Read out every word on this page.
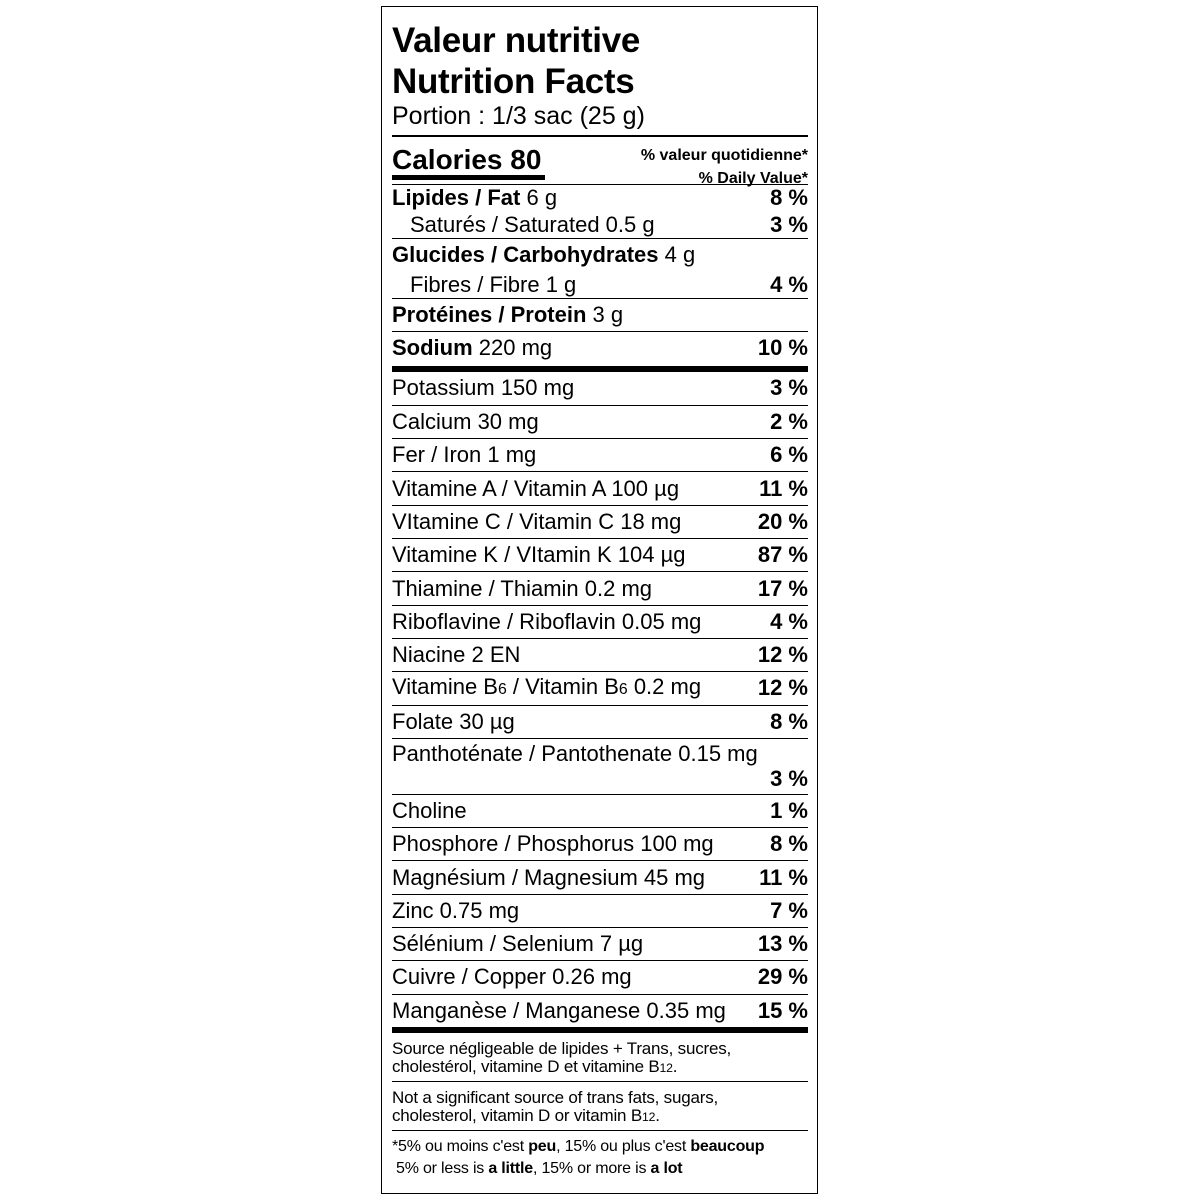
Valeur nutritive
Nutrition Facts
Portion : 1/3 sac (25 g)
Calories 80	% valeur quotidienne*
% Daily Value*
Lipides / Fat 6 g	8 %
Saturés / Saturated 0.5 g	3 %
Glucides / Carbohydrates 4 g
Fibres / Fibre 1 g	4 %
Protéines / Protein 3 g
Sodium 220 mg	10 %
Potassium 150 mg	3 %
Calcium 30 mg	2 %
Fer / Iron 1 mg	6 %
Vitamine A / Vitamin A 100 µg	11 %
VItamine C / Vitamin C 18 mg	20 %
Vitamine K / VItamin K 104 µg	87 %
Thiamine / Thiamin 0.2 mg	17 %
Riboflavine / Riboflavin 0.05 mg	4 %
Niacine 2 EN	12 %
Vitamine B6 / Vitamin B6 0.2 mg	12 %
Folate 30 µg	8 %
Panthoténate / Pantothenate 0.15 mg
3 %
Choline	1 %
Phosphore / Phosphorus 100 mg	8 %
Magnésium / Magnesium 45 mg 11 %
Zinc 0.75 mg	7 %
Sélénium / Selenium 7 µg	13 %
Cuivre / Copper 0.26 mg	29 %
Manganèse / Manganese 0.35 mg 15 %
Source négligeable de lipides + Trans, sucres,
cholestérol, vitamine D et vitamine B12.
Not a significant source of trans fats, sugars,
cholesterol, vitamin D or vitamin B12.
*5% ou moins c'est peu, 15% ou plus c'est beaucoup
5% or less is a little, 15% or more is a lot
